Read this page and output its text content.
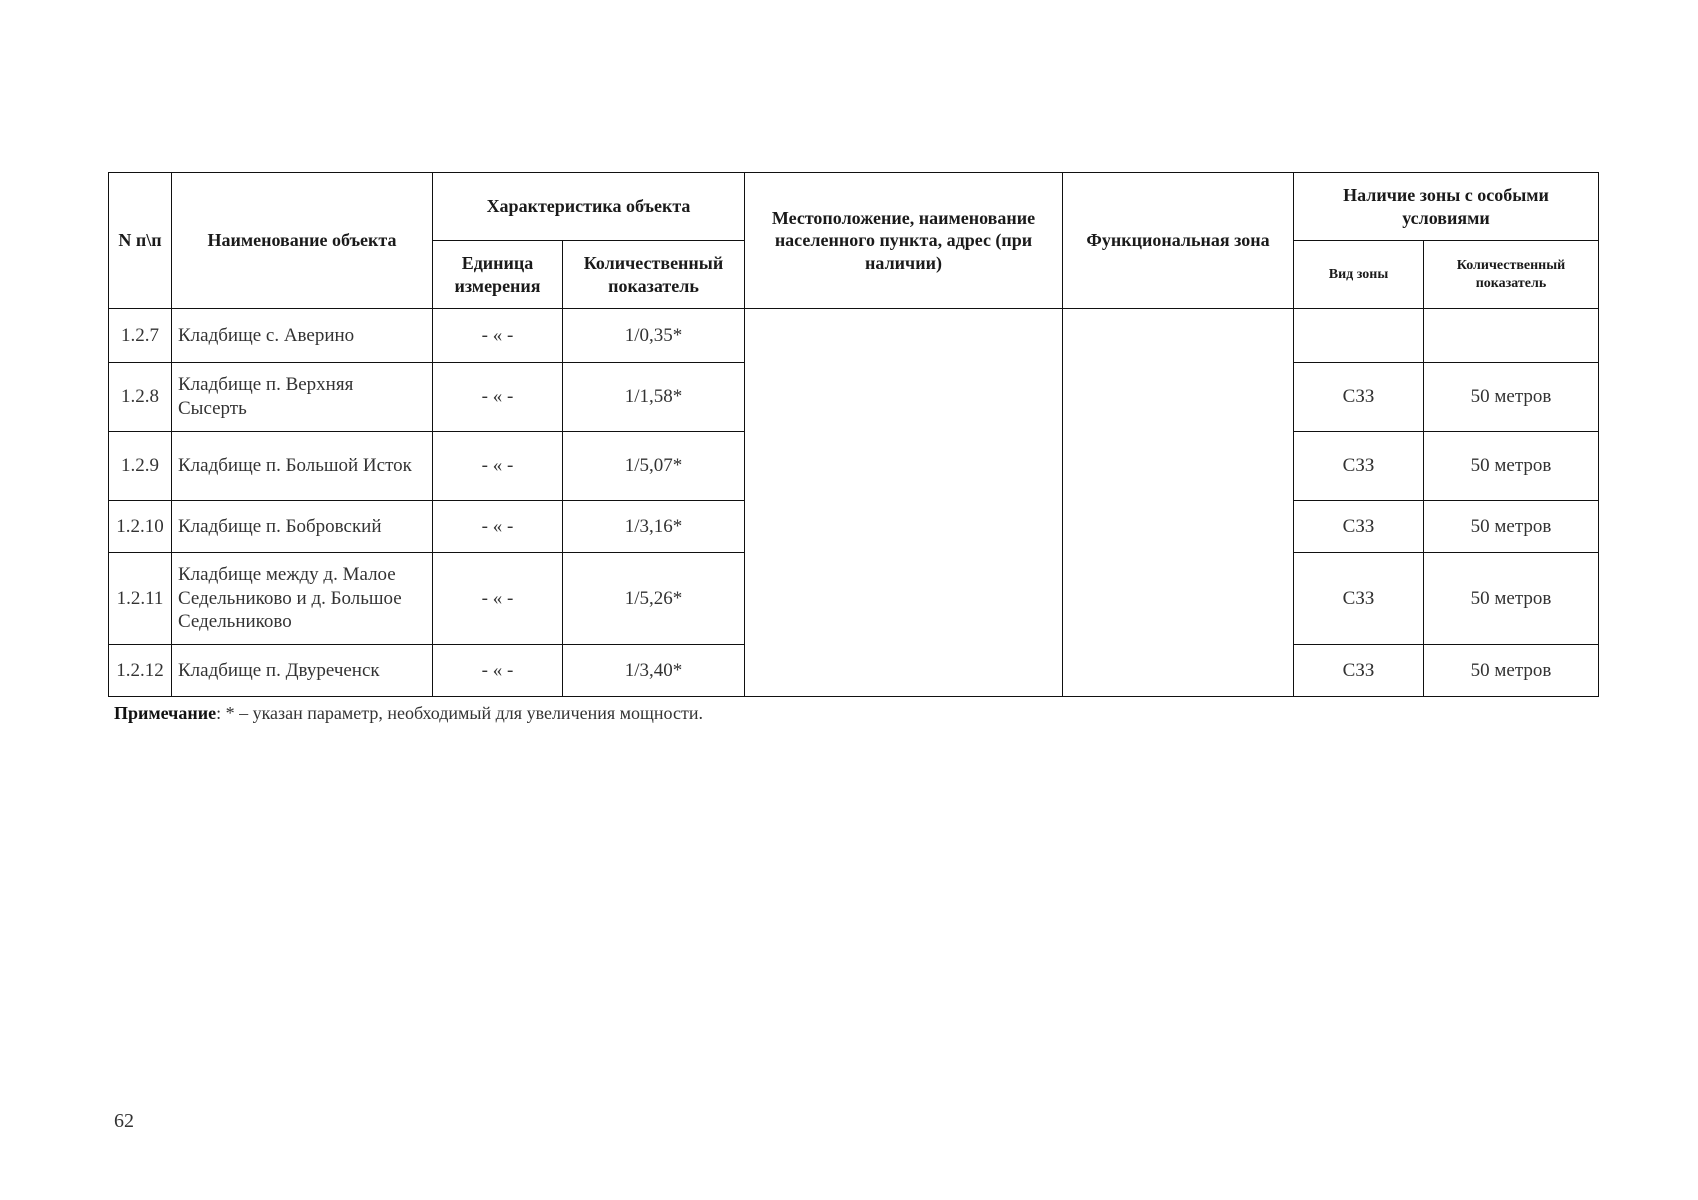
N п\п	Наименование объекта	Характеристика объекта		Местоположение, наименование населенного пункта, адрес (при наличии)	Функциональная зона	Наличие зоны с особыми условиями	
		Единица измерения	Количественный показатель			Вид зоны	Количественный показатель
1.2.7	Кладбище с. Аверино	- « -	1/0,35*				
1.2.8	Кладбище п. Верхняя Сысерть	- « -	1/1,58*			СЗЗ	50 метров
1.2.9	Кладбище п. Большой Исток	- « -	1/5,07*			СЗЗ	50 метров
1.2.10	Кладбище п. Бобровский	- « -	1/3,16*			СЗЗ	50 метров
1.2.11	Кладбище между д. Малое Седельниково и д. Большое Седельниково	- « -	1/5,26*			СЗЗ	50 метров
1.2.12	Кладбище п. Двуреченск	- « -	1/3,40*			СЗЗ	50 метров
Примечание: * – указан параметр, необходимый для увеличения мощности.
62
